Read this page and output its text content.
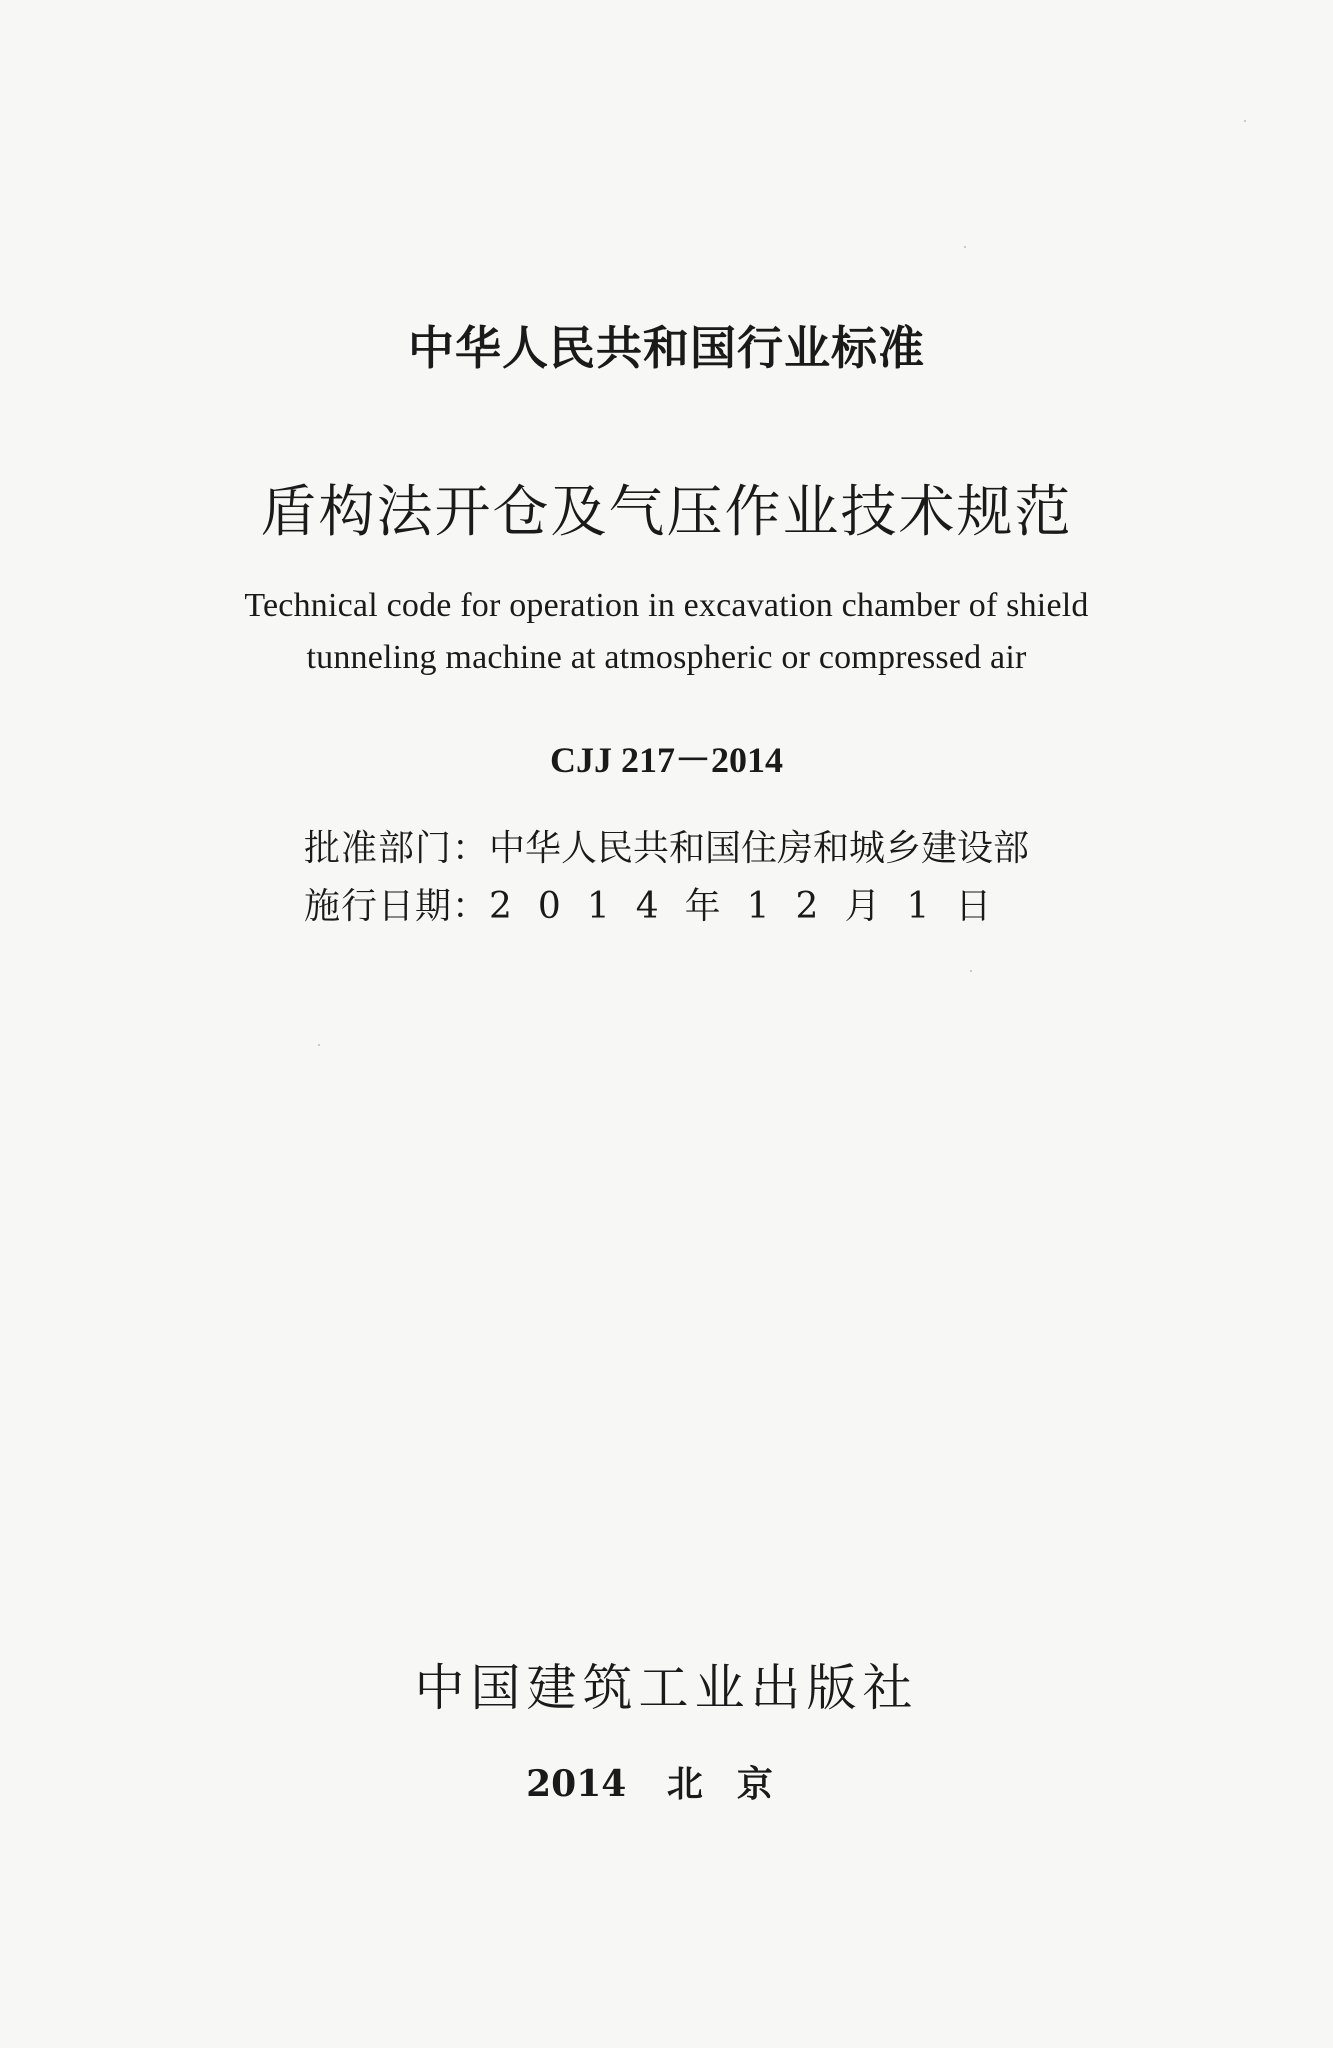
中华人民共和国行业标准
盾构法开仓及气压作业技术规范
Technical code for operation in excavation chamber of shield
tunneling machine at atmospheric or compressed air
CJJ 217－2014
批准部门：中华人民共和国住房和城乡建设部
施行日期：2014年12月1日
中国建筑工业出版社
2014 北京
